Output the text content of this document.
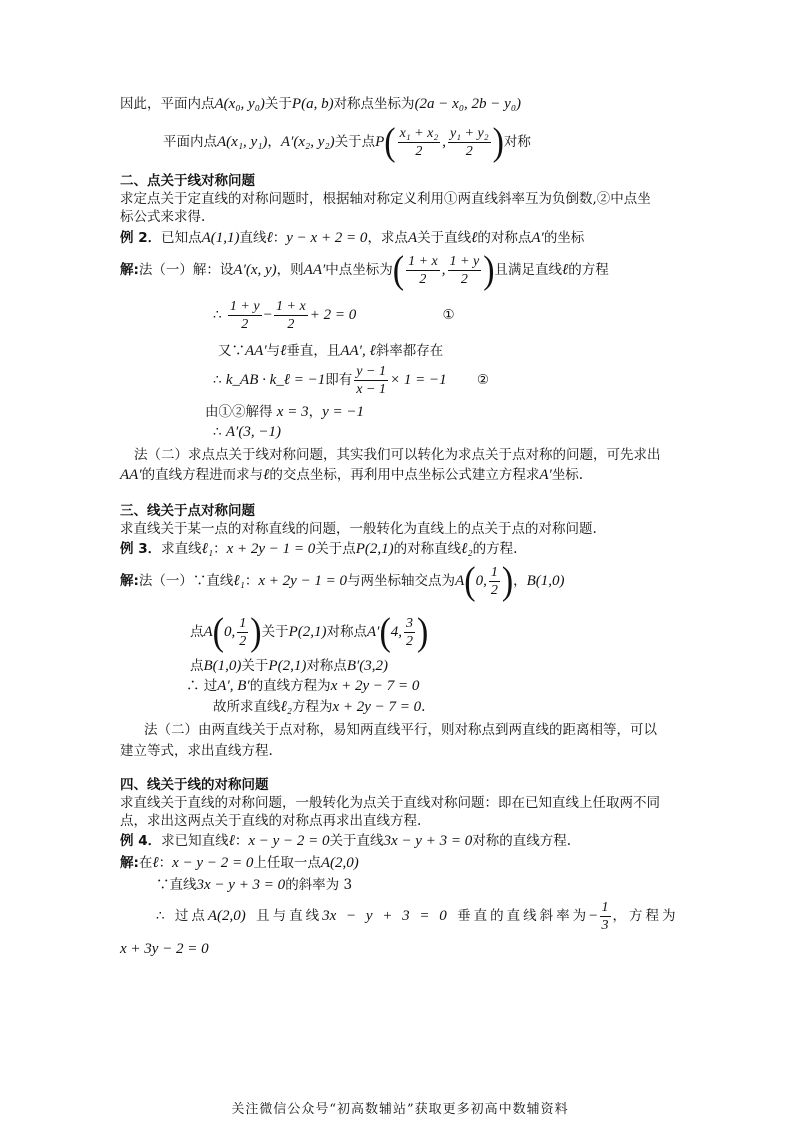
因此，平面内点A(x₀, y₀)关于P(a, b)对称点坐标为(2a − x₀, 2b − y₀)
平面内点A(x₁, y₁)，A′(x₂, y₂)关于点$P( \frac{\text{x₁ + x₂}}{2}$ , $\frac{\text{y₁ + y₂}}{2}$ )对称
二、点关于线对称问题
求定点关于定直线的对称问题时，根据轴对称定义利用①两直线斜率互为负倒数,②中点坐
标公式来求得.
例 2．已知点A(1,1)直线ℓ：y − x + 2 = 0，求点A关于直线ℓ的对称点A′的坐标
解:法（一）解：设A′(x, y)，则AA′中点坐标为( $\frac{1 + x}{2}$ , $\frac{1 + y}{2}$ )且满足直线ℓ的方程
∴ $\frac{1 + y}{2} - \frac{1 + x}{2} + 2 = 0$	①
又∵AA′与ℓ垂直，且AA′, ℓ斜率都存在
∴ k_AB · k_ℓ = −1即有 $\frac{y - 1}{x - 1} \times 1 = -1$ ②
由①②解得 x = 3，y = −1
∴ A′(3, −1)
法（二）求点点关于线对称问题，其实我们可以转化为求点关于点对称的问题，可先求出
AA′的直线方程进而求与ℓ的交点坐标，再利用中点坐标公式建立方程求A′坐标.
三、线关于点对称问题
求直线关于某一点的对称直线的问题，一般转化为直线上的点关于点的对称问题.
例 3．求直线ℓ₁：x + 2y − 1 = 0关于点P(2,1)的对称直线ℓ₂的方程.
解:法（一）∵直线ℓ₁：x + 2y − 1 = 0与两坐标轴交点为A(0, $\frac{1}{2}$ )，B(1,0)
点A(0, $\frac{1}{2}$ )关于P(2,1)对称点A′(4, $\frac{3}{2}$ )
点B(1,0)关于P(2,1)对称点B′(3,2)
∴ 过A′, B′的直线方程为x + 2y − 7 = 0
故所求直线ℓ₂方程为x + 2y − 7 = 0.
法（二）由两直线关于点对称，易知两直线平行，则对称点到两直线的距离相等，可以
建立等式，求出直线方程.
四、线关于线的对称问题
求直线关于直线的对称问题，一般转化为点关于直线对称问题：即在已知直线上任取两不同
点，求出这两点关于直线的对称点再求出直线方程.
例 4．求已知直线ℓ：x − y − 2 = 0关于直线3x − y + 3 = 0对称的直线方程.
解:在ℓ：x − y − 2 = 0上任取一点A(2,0)
∵直线3x − y + 3 = 0的斜率为 3
∴ 过点A(2,0) 且与直线3x − y + 3 = 0 垂直的直线斜率为− $\frac{1}{3}$ ，方程为
x + 3y − 2 = 0
关注微信公众号“初高数辅站”获取更多初高中数辅资料
